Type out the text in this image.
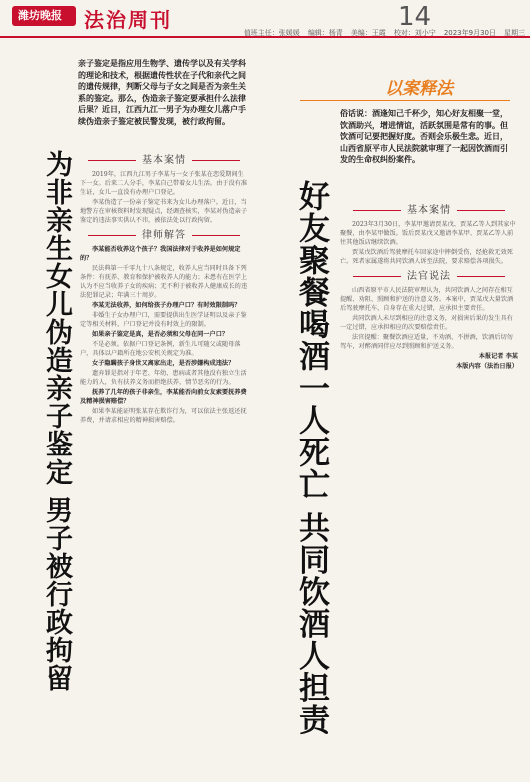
潍坊晚报	法治周刊	14
值班主任：张媛媛 编辑：杨青 美编：王霞 校对：刘小宁 2023年9月30日 星期三
亲子鉴定是指应用生物学、遗传学以及有关学科的理论和技术，根据遗传性状在子代和亲代之间的遗传规律，判断父母与子女之间是否为亲生关系的鉴定。那么，伪造亲子鉴定要承担什么法律后果？近日，江西九江一男子为办理女儿落户手续伪造亲子鉴定被民警发现，被行政拘留。
为非亲生女儿伪造亲子鉴定 男子被行政拘留	基本案情

2019年，江西九江男子李某与一女子张某在恋爱期间生下一女。后来二人分手，李某自己带着女儿生活。由于没有准生证，女儿一直没有办理户口登记。

李某伪造了一份亲子鉴定书来为女儿办理落户。近日，当地警方在审核资料时发现疑点，经调查核实，李某对伪造亲子鉴定的违法事实供认不讳，被依法处以行政拘留。

律师解答

李某能否收养这个孩子？我国法律对于收养是如何规定的？

民法典第一千零九十八条规定，收养人应当同时具备下列条件：有抚养、教育和保护被收养人的能力；未患有在医学上认为不应当收养子女的疾病；无不利于被收养人健康成长的违法犯罪记录；年满三十周岁。

李某无法收养，如何给孩子办理户口？有时效限制吗？

非婚生子女办理户口，需要提供出生医学证明以及亲子鉴定等相关材料，户口登记并没有时效上的限制。

如果亲子鉴定是真，是否必须和父母在同一户口？

不是必须。依据户口登记条例，新生儿可随父或随母落户，具体以户籍所在地公安机关规定为准。

女子隐瞒孩子身世又离家出走，是否涉嫌构成违法？

遗弃罪是指对于年老、年幼、患病或者其他没有独立生活能力的人，负有扶养义务而拒绝扶养，情节恶劣的行为。

抚养了几年的孩子非亲生，李某能否向前女友索要抚养费及精神损害赔偿？

如果李某能证明张某存在欺诈行为，可以依法主张返还抚养费，并请求相应的精神损害赔偿。

以案释法
俗话说：酒逢知己千杯少，知心好友相聚一堂，饮酒助兴，增进情谊，活跃氛围是常有的事。但饮酒可记要把握好度。否则会乐极生悲。近日，山西省原平市人民法院就审理了一起因饮酒而引发的生命权纠纷案件。
好友聚餐喝酒一人死亡 共同饮酒人担责	基本案情

2023年3月30日，李某甲邀请贾某戊、贾某乙等人到其家中聚餐，由李某甲做饭。饭后贾某戊又邀请李某甲、贾某乙等人前往其他饭店继续饮酒。

贾某戊饮酒后驾驶摩托车回家途中摔倒受伤，经抢救无效死亡。死者家属遂将共同饮酒人诉至法院，要求赔偿各项损失。

法官说法

山西省原平市人民法院审理认为，共同饮酒人之间存在相互提醒、劝阻、照顾和护送的注意义务。本案中，贾某戊大量饮酒后驾驶摩托车，自身存在重大过错，应承担主要责任。

共同饮酒人未尽到相应的注意义务，对损害后果的发生具有一定过错，应承担相应的次要赔偿责任。

法官提醒：聚餐饮酒应适量，不劝酒、不拼酒，饮酒后切勿驾车，对醉酒同伴应尽到照顾和护送义务。

本报记者 李某

本版内容（法治日报）
